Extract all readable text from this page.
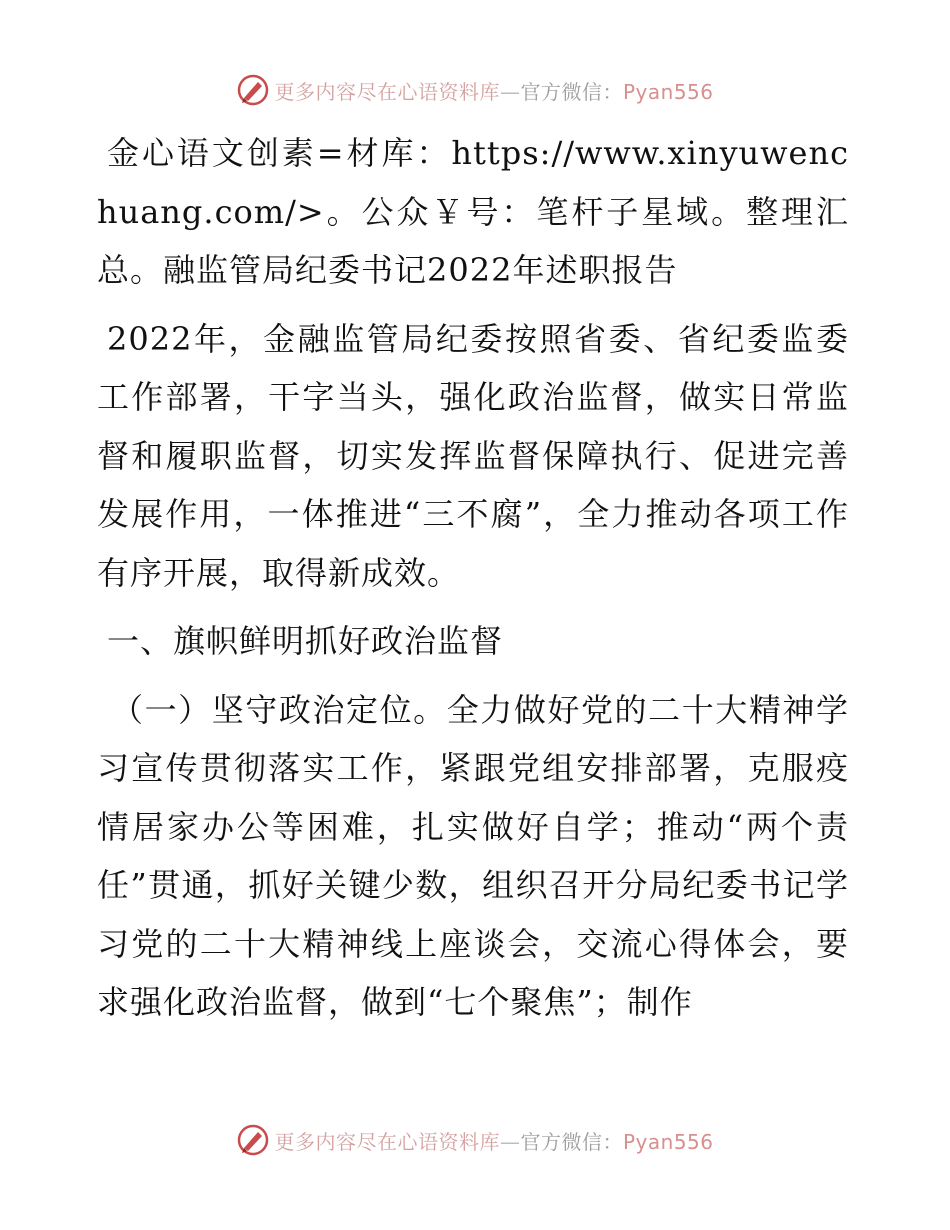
更多内容尽在心语资料库—官方微信：Pyan556

金心语文创素=材库：https://www.xinyuwenchuang.com/>。公众￥号：笔杆子星域。整理汇总。融监管局纪委书记2022年述职报告

2022年，金融监管局纪委按照省委、省纪委监委工作部署，干字当头，强化政治监督，做实日常监督和履职监督，切实发挥监督保障执行、促进完善发展作用，一体推进“三不腐”，全力推动各项工作有序开展，取得新成效。

一、旗帜鲜明抓好政治监督

（一）坚守政治定位。全力做好党的二十大精神学习宣传贯彻落实工作，紧跟党组安排部署，克服疫情居家办公等困难，扎实做好自学；推动“两个责任”贯通，抓好关键少数，组织召开分局纪委书记学习党的二十大精神线上座谈会，交流心得体会，要求强化政治监督，做到“七个聚焦”；制作

更多内容尽在心语资料库—官方微信：Pyan556
